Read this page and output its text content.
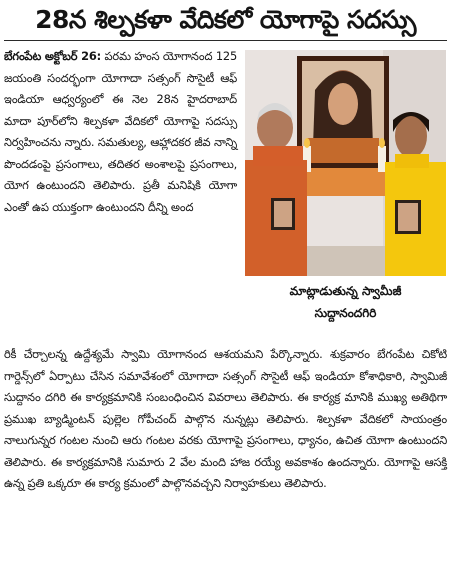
28న శిల్పకళా వేదికలో యోగాపై సదస్సు

బేగంపేట అక్టోబర్ 26: పరమ హంస యోగానంద 125 జయంతి సందర్భంగా యోగాదా సత్సంగ్ సొసైటీ ఆఫ్ ఇండియా ఆధ్వర్యంలో ఈ నెల 28న హైదరాబాద్ మాదా పూర్‌లోని శిల్పకళా వేదికలో యోగాపై సదస్సు నిర్వహించను న్నారు. సమతుల్య, ఆహ్లాదకర జీవ నాన్ని పొందడంపై ప్రసంగాలు, తదితర అంశాలపై ప్రసంగాలు, యోగ ఉంటుందని తెలిపారు. ప్రతీ మనిషికి యోగా ఎంతో ఉప యుక్తంగా ఉంటుందని దీన్ని అంద

మాట్లాడుతున్న స్వామీజీ
సుద్దానందగిరి

రికీ చేర్చాలన్న ఉద్దేశ్యమే స్వామి యోగానంద ఆశయమని పేర్కొన్నారు. శుక్రవారం బేగంపేట చికోటి గార్డెన్స్‌లో ఏర్పాటు చేసిన సమావేశంలో యోగాదా సత్సంగ్ సొసైటీ ఆఫ్ ఇండియా కోశాధికారి, స్వామిజీ సుద్దానం దగిరి ఈ కార్యక్రమానికి సంబంధించిన వివరాలు తెలిపారు. ఈ కార్యక్ర మానికి ముఖ్య అతిథిగా ప్రముఖ బ్యాడ్మింటన్ పుల్లెల గోపీచంద్ పాల్గొన నున్నట్లు తెలిపారు. శిల్పకళా వేదికలో సాయంత్రం నాలుగున్నర గంటల నుంచి ఆరు గంటల వరకు యోగాపై ప్రసంగాలు, ధ్యానం, ఉచిత యోగా ఉంటుందని తెలిపారు. ఈ కార్యక్రమానికి సుమారు 2 వేల మంది హాజ రయ్యే అవకాశం ఉందన్నారు. యోగాపై ఆసక్తి ఉన్న ప్రతి ఒక్కరూ ఈ కార్య క్రమంలో పాల్గొనవచ్చని నిర్వాహకులు తెలిపారు.
